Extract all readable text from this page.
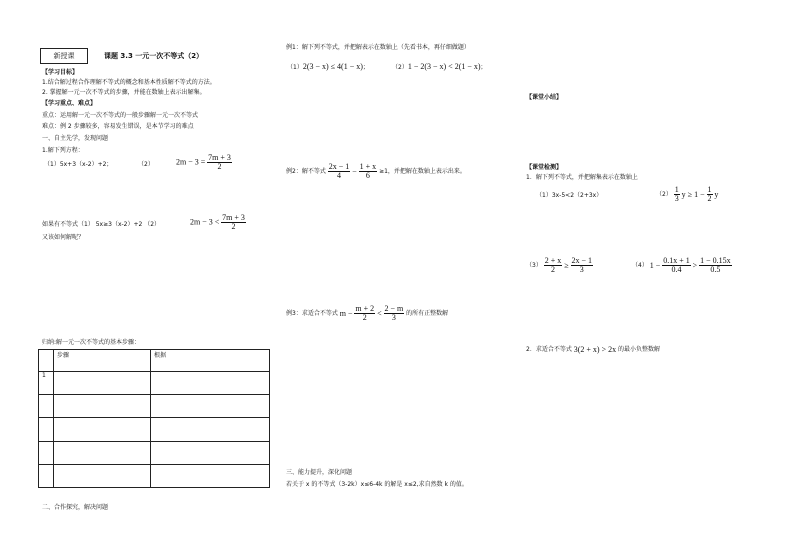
新授课	课题 3.3 一元一次不等式（2）
【学习目标】
1.结合解过程合作理解不等式的概念和基本性质解不等式的方法。
2. 掌握解一元一次不等式的步骤，并能在数轴上表示出解集。
【学习重点、难点】
重点：运用解一元一次不等式的一般步骤解一元一次不等式
难点：例 2 步骤较多，容易发生错误，是本节学习的难点
一、自主先学，发现问题
1.解下列方程：
（1）5x+3（x-2）+2；	（2）	$2m - 3 = \frac{7m + 3}{2}$
如果有不等式（1） 5x≥3（x-2）+2 （2）	$2m - 3 < \frac{7m + 3}{2}$
又该如何解呢？
归纳:解一元一次不等式的基本步骤：
	步骤	根据
1		

二、合作探究，解决问题
例1：解下列不等式，并把解表示在数轴上（先看书本，再仔细做题）
（1）2(3 − x) ≤ 4(1 − x)；	（2）1 − 2(3 − x) < 2(1 − x)；
例2：解不等式 $\frac{2x - 1}{4} - \frac{1 + x}{6} \ge 1$，并把解在数轴上表示出来。
例3：求适合不等式 $m - \frac{m + 2}{2} < \frac{2 - m}{3}$ 的所有正整数解
三、能力提升，深化问题
若关于 x 的不等式（3-2k）x≤6-4k 的解是 x≤2,求自然数 k 的值。
【课堂小结】
【课堂检测】
1．解下列不等式，并把解集表示在数轴上
（1）3x-5<2（2+3x）	$(2) \frac{1}{3}$ $y \ge 1 - \frac{1}{2}$ y
$(3) \frac{2 + x}{2} \ge \frac{2x - 1}{3}$	（4） $1 - \frac{0.1x + 1}{0.4} > \frac{1 - 0.15x}{0.5}$
2．求适合不等式 3(2 + x) > 2x 的最小负整数解
